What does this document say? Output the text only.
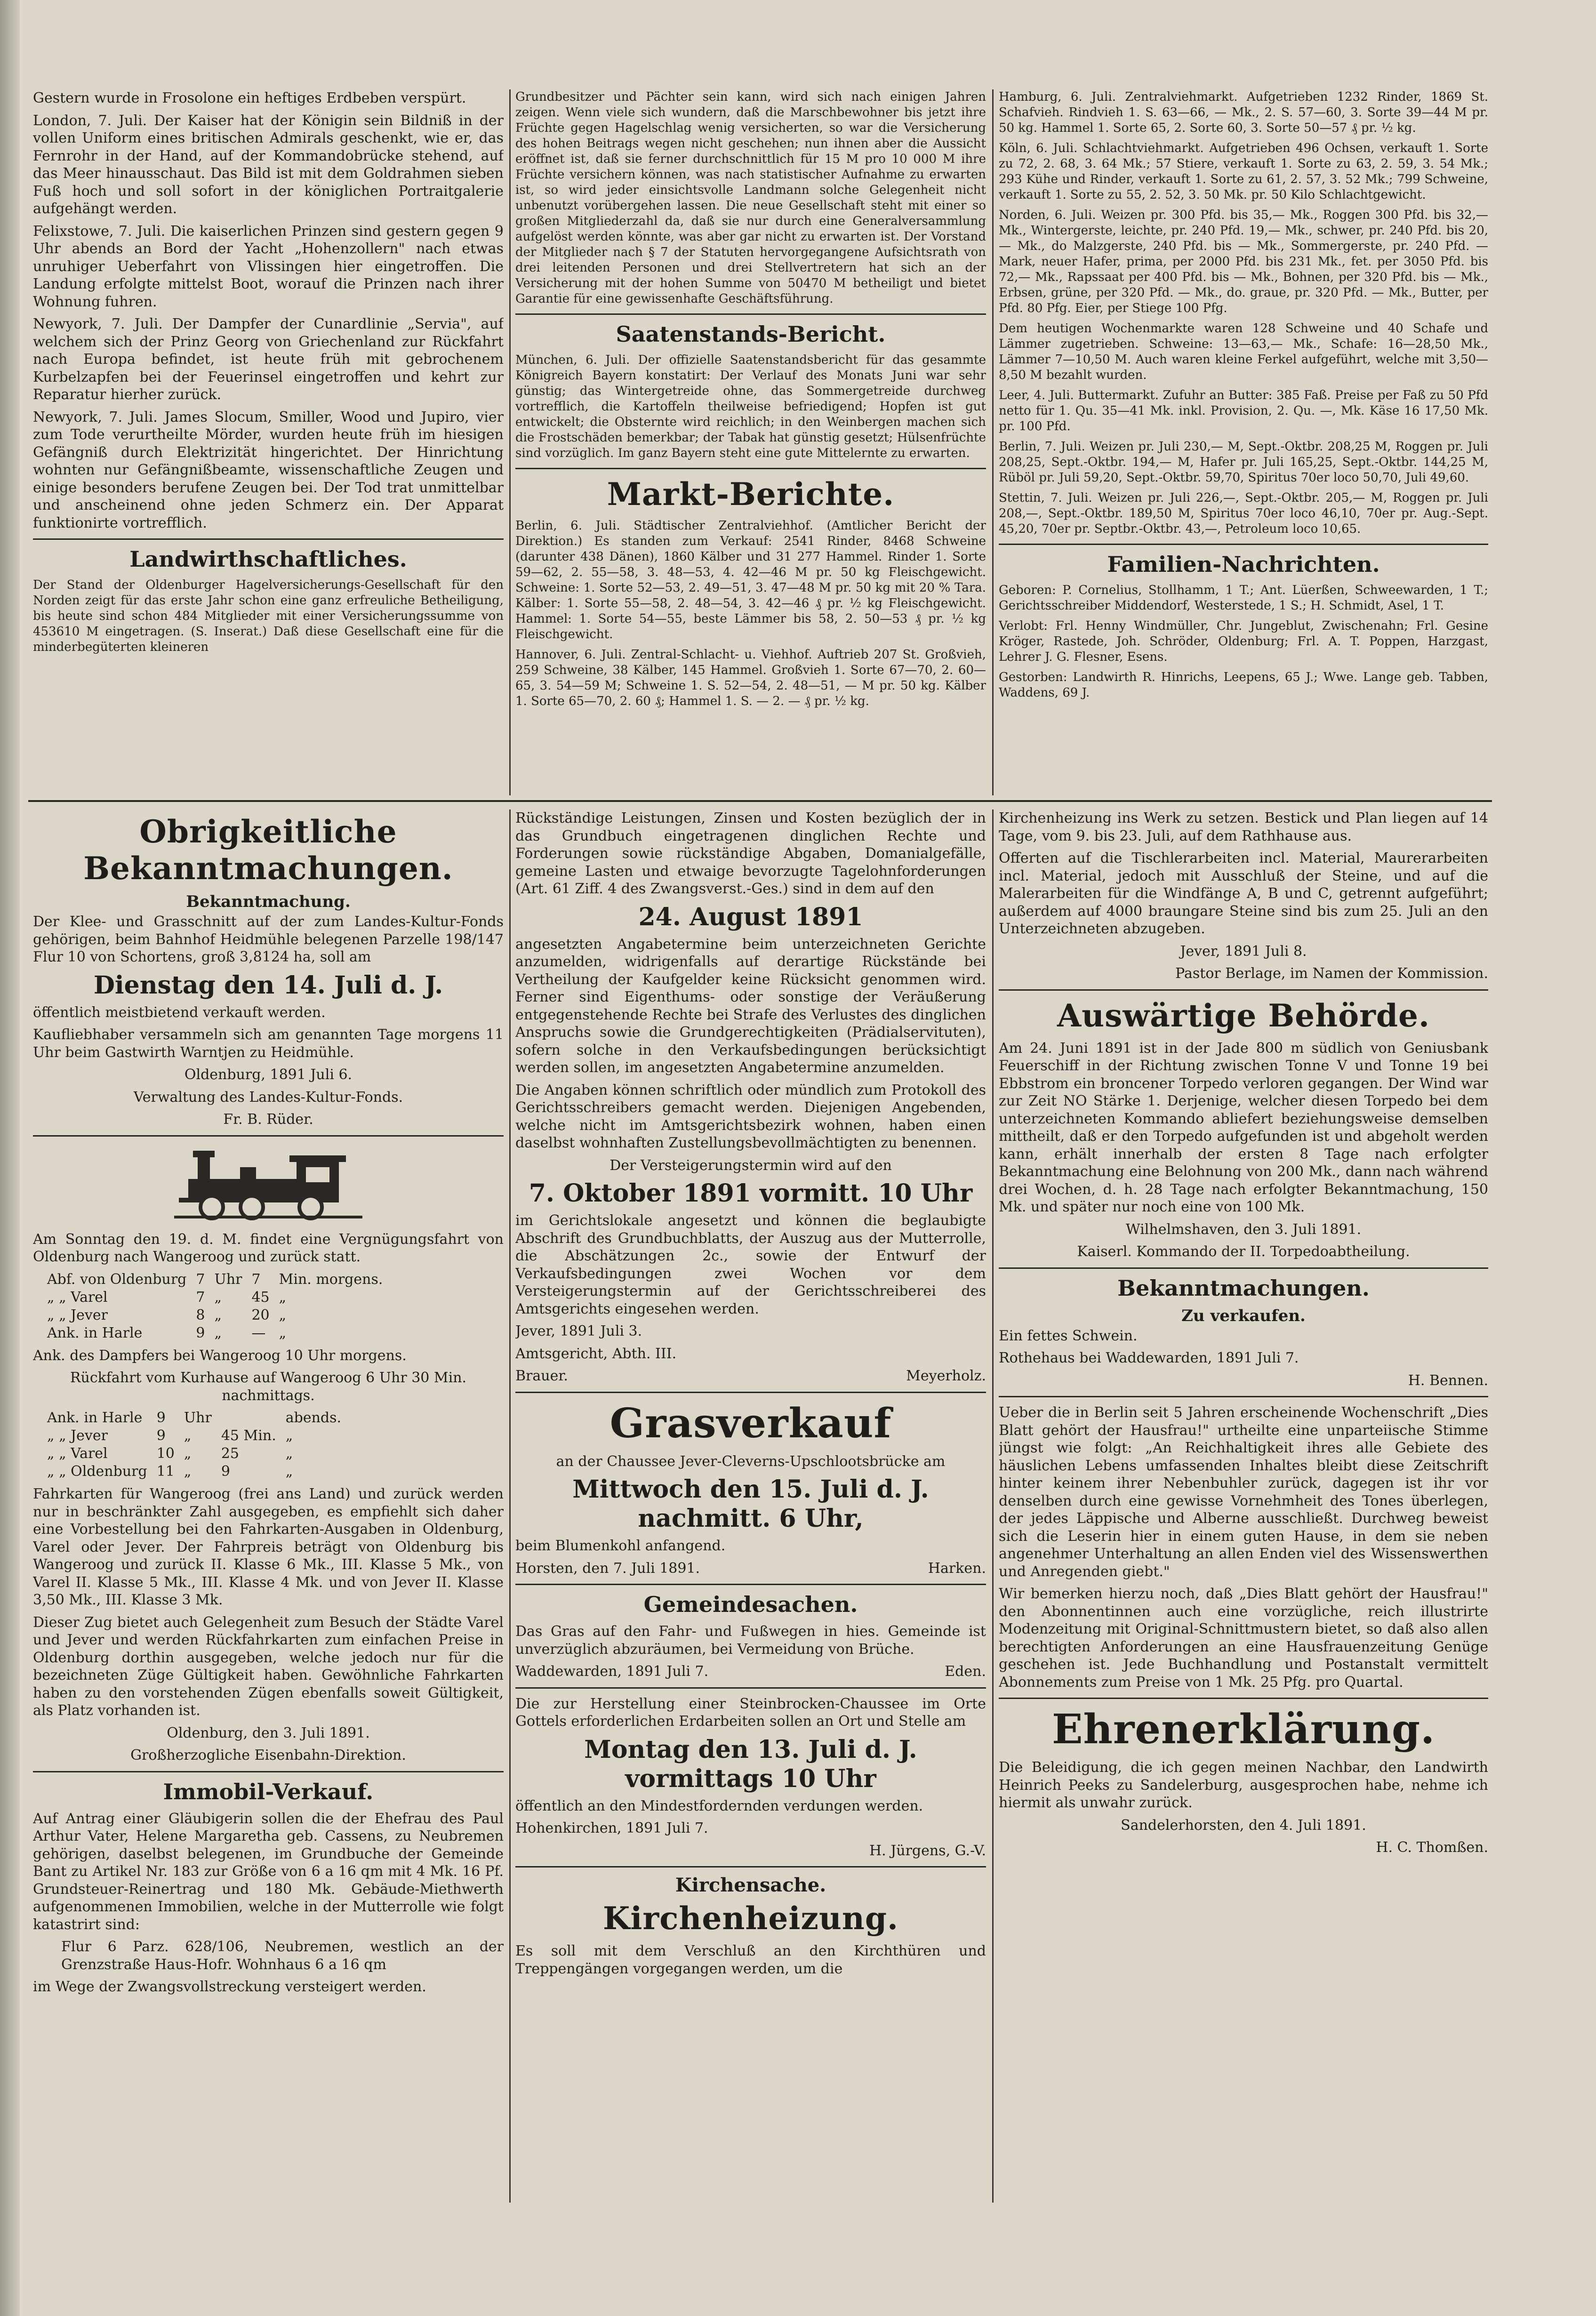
Gestern wurde in Frosolone ein heftiges Erdbeben verspürt.

London, 7. Juli. Der Kaiser hat der Königin sein Bildniß in der vollen Uniform eines britischen Admirals geschenkt, wie er, das Fernrohr in der Hand, auf der Kommandobrücke stehend, auf das Meer hinausschaut. Das Bild ist mit dem Goldrahmen sieben Fuß hoch und soll sofort in der königlichen Portraitgalerie aufgehängt werden.

Felixstowe, 7. Juli. Die kaiserlichen Prinzen sind gestern gegen 9 Uhr abends an Bord der Yacht „Hohenzollern" nach etwas unruhiger Ueberfahrt von Vlissingen hier eingetroffen. Die Landung erfolgte mittelst Boot, worauf die Prinzen nach ihrer Wohnung fuhren.

Newyork, 7. Juli. Der Dampfer der Cunardlinie „Servia", auf welchem sich der Prinz Georg von Griechenland zur Rückfahrt nach Europa befindet, ist heute früh mit gebrochenem Kurbelzapfen bei der Feuerinsel eingetroffen und kehrt zur Reparatur hierher zurück.

Newyork, 7. Juli. James Slocum, Smiller, Wood und Jupiro, vier zum Tode verurtheilte Mörder, wurden heute früh im hiesigen Gefängniß durch Elektrizität hingerichtet. Der Hinrichtung wohnten nur Gefängnißbeamte, wissenschaftliche Zeugen und einige besonders berufene Zeugen bei. Der Tod trat unmittelbar und anscheinend ohne jeden Schmerz ein. Der Apparat funktionirte vortrefflich.

Landwirthschaftliches.

Der Stand der Oldenburger Hagelversicherungs-Gesellschaft für den Norden zeigt für das erste Jahr schon eine ganz erfreuliche Betheiligung, bis heute sind schon 484 Mitglieder mit einer Versicherungssumme von 453610 M eingetragen. (S. Inserat.) Daß diese Gesellschaft eine für die minderbegüterten kleineren

Grundbesitzer und Pächter sein kann, wird sich nach einigen Jahren zeigen. Wenn viele sich wundern, daß die Marschbewohner bis jetzt ihre Früchte gegen Hagelschlag wenig versicherten, so war die Versicherung des hohen Beitrags wegen nicht geschehen; nun ihnen aber die Aussicht eröffnet ist, daß sie ferner durchschnittlich für 15 M pro 10 000 M ihre Früchte versichern können, was nach statistischer Aufnahme zu erwarten ist, so wird jeder einsichtsvolle Landmann solche Gelegenheit nicht unbenutzt vorübergehen lassen. Die neue Gesellschaft steht mit einer so großen Mitgliederzahl da, daß sie nur durch eine Generalversammlung aufgelöst werden könnte, was aber gar nicht zu erwarten ist. Der Vorstand der Mitglieder nach § 7 der Statuten hervorgegangene Aufsichtsrath von drei leitenden Personen und drei Stellvertretern hat sich an der Versicherung mit der hohen Summe von 50470 M betheiligt und bietet Garantie für eine gewissenhafte Geschäftsführung.

Saatenstands-Bericht.

München, 6. Juli. Der offizielle Saatenstandsbericht für das gesammte Königreich Bayern konstatirt: Der Verlauf des Monats Juni war sehr günstig; das Wintergetreide ohne, das Sommergetreide durchweg vortrefflich, die Kartoffeln theilweise befriedigend; Hopfen ist gut entwickelt; die Obsternte wird reichlich; in den Weinbergen machen sich die Frostschäden bemerkbar; der Tabak hat günstig gesetzt; Hülsenfrüchte sind vorzüglich. Im ganz Bayern steht eine gute Mittelernte zu erwarten.

Markt-Berichte.

Berlin, 6. Juli. Städtischer Zentralviehhof. (Amtlicher Bericht der Direktion.) Es standen zum Verkauf: 2541 Rinder, 8468 Schweine (darunter 438 Dänen), 1860 Kälber und 31 277 Hammel. Rinder 1. Sorte 59—62, 2. 55—58, 3. 48—53, 4. 42—46 M pr. 50 kg Fleischgewicht. Schweine: 1. Sorte 52—53, 2. 49—51, 3. 47—48 M pr. 50 kg mit 20 % Tara. Kälber: 1. Sorte 55—58, 2. 48—54, 3. 42—46 ₰ pr. ½ kg Fleischgewicht. Hammel: 1. Sorte 54—55, beste Lämmer bis 58, 2. 50—53 ₰ pr. ½ kg Fleischgewicht.

Hannover, 6. Juli. Zentral-Schlacht- u. Viehhof. Auftrieb 207 St. Großvieh, 259 Schweine, 38 Kälber, 145 Hammel. Großvieh 1. Sorte 67—70, 2. 60—65, 3. 54—59 M; Schweine 1. S. 52—54, 2. 48—51, — M pr. 50 kg. Kälber 1. Sorte 65—70, 2. 60 ₰; Hammel 1. S. — 2. — ₰ pr. ½ kg.

Hamburg, 6. Juli. Zentralviehmarkt. Aufgetrieben 1232 Rinder, 1869 St. Schafvieh. Rindvieh 1. S. 63—66, — Mk., 2. S. 57—60, 3. Sorte 39—44 M pr. 50 kg. Hammel 1. Sorte 65, 2. Sorte 60, 3. Sorte 50—57 ₰ pr. ½ kg.

Köln, 6. Juli. Schlachtviehmarkt. Aufgetrieben 496 Ochsen, verkauft 1. Sorte zu 72, 2. 68, 3. 64 Mk.; 57 Stiere, verkauft 1. Sorte zu 63, 2. 59, 3. 54 Mk.; 293 Kühe und Rinder, verkauft 1. Sorte zu 61, 2. 57, 3. 52 Mk.; 799 Schweine, verkauft 1. Sorte zu 55, 2. 52, 3. 50 Mk. pr. 50 Kilo Schlachtgewicht.

Norden, 6. Juli. Weizen pr. 300 Pfd. bis 35,— Mk., Roggen 300 Pfd. bis 32,— Mk., Wintergerste, leichte, pr. 240 Pfd. 19,— Mk., schwer, pr. 240 Pfd. bis 20,— Mk., do Malzgerste, 240 Pfd. bis — Mk., Sommergerste, pr. 240 Pfd. — Mark, neuer Hafer, prima, per 2000 Pfd. bis 231 Mk., fet. per 3050 Pfd. bis 72,— Mk., Rapssaat per 400 Pfd. bis — Mk., Bohnen, per 320 Pfd. bis — Mk., Erbsen, grüne, per 320 Pfd. — Mk., do. graue, pr. 320 Pfd. — Mk., Butter, per Pfd. 80 Pfg. Eier, per Stiege 100 Pfg.

Dem heutigen Wochenmarkte waren 128 Schweine und 40 Schafe und Lämmer zugetrieben. Schweine: 13—63,— Mk., Schafe: 16—28,50 Mk., Lämmer 7—10,50 M. Auch waren kleine Ferkel aufgeführt, welche mit 3,50—8,50 M bezahlt wurden.

Leer, 4. Juli. Buttermarkt. Zufuhr an Butter: 385 Faß. Preise per Faß zu 50 Pfd netto für 1. Qu. 35—41 Mk. inkl. Provision, 2. Qu. —, Mk. Käse 16 17,50 Mk. pr. 100 Pfd.

Berlin, 7. Juli. Weizen pr. Juli 230,— M, Sept.-Oktbr. 208,25 M, Roggen pr. Juli 208,25, Sept.-Oktbr. 194,— M, Hafer pr. Juli 165,25, Sept.-Oktbr. 144,25 M, Rüböl pr. Juli 59,20, Sept.-Oktbr. 59,70, Spiritus 70er loco 50,70, Juli 49,60.

Stettin, 7. Juli. Weizen pr. Juli 226,—, Sept.-Oktbr. 205,— M, Roggen pr. Juli 208,—, Sept.-Oktbr. 189,50 M, Spiritus 70er loco 46,10, 70er pr. Aug.-Sept. 45,20, 70er pr. Septbr.-Oktbr. 43,—, Petroleum loco 10,65.

Familien-Nachrichten.

Geboren: P. Cornelius, Stollhamm, 1 T.; Ant. Lüerßen, Schweewarden, 1 T.; Gerichtsschreiber Middendorf, Westerstede, 1 S.; H. Schmidt, Asel, 1 T.

Verlobt: Frl. Henny Windmüller, Chr. Jungeblut, Zwischenahn; Frl. Gesine Kröger, Rastede, Joh. Schröder, Oldenburg; Frl. A. T. Poppen, Harzgast, Lehrer J. G. Flesner, Esens.

Gestorben: Landwirth R. Hinrichs, Leepens, 65 J.; Wwe. Lange geb. Tabben, Waddens, 69 J.

Obrigkeitliche Bekanntmachungen.
Bekanntmachung.

Der Klee- und Grasschnitt auf der zum Landes-Kultur-Fonds gehörigen, beim Bahnhof Heidmühle belegenen Parzelle 198/147 Flur 10 von Schortens, groß 3,8124 ha, soll am

Dienstag den 14. Juli d. J.

öffentlich meistbietend verkauft werden.

Kaufliebhaber versammeln sich am genannten Tage morgens 11 Uhr beim Gastwirth Warntjen zu Heidmühle.

Oldenburg, 1891 Juli 6.

Verwaltung des Landes-Kultur-Fonds.

Fr. B. Rüder.

Am Sonntag den 19. d. M. findet eine Vergnügungsfahrt von Oldenburg nach Wangeroog und zurück statt.

Abf. von Oldenburg	7	Uhr	7	Min. morgens.
„ „ Varel	7	„	45	„
„ „ Jever	8	„	20	„
Ank. in Harle	9	„	—	„

Ank. des Dampfers bei Wangeroog 10 Uhr morgens.

Rückfahrt vom Kurhause auf Wangeroog 6 Uhr 30 Min. nachmittags.

Ank. in Harle	9	Uhr		abends.
„ „ Jever	9	„	45 Min.	„
„ „ Varel	10	„	25	„
„ „ Oldenburg	11	„	9	„

Fahrkarten für Wangeroog (frei ans Land) und zurück werden nur in beschränkter Zahl ausgegeben, es empfiehlt sich daher eine Vorbestellung bei den Fahrkarten-Ausgaben in Oldenburg, Varel oder Jever. Der Fahrpreis beträgt von Oldenburg bis Wangeroog und zurück II. Klasse 6 Mk., III. Klasse 5 Mk., von Varel II. Klasse 5 Mk., III. Klasse 4 Mk. und von Jever II. Klasse 3,50 Mk., III. Klasse 3 Mk.

Dieser Zug bietet auch Gelegenheit zum Besuch der Städte Varel und Jever und werden Rückfahrkarten zum einfachen Preise in Oldenburg dorthin ausgegeben, welche jedoch nur für die bezeichneten Züge Gültigkeit haben. Gewöhnliche Fahrkarten haben zu den vorstehenden Zügen ebenfalls soweit Gültigkeit, als Platz vorhanden ist.

Oldenburg, den 3. Juli 1891.

Großherzogliche Eisenbahn-Direktion.

Immobil-Verkauf.

Auf Antrag einer Gläubigerin sollen die der Ehefrau des Paul Arthur Vater, Helene Margaretha geb. Cassens, zu Neubremen gehörigen, daselbst belegenen, im Grundbuche der Gemeinde Bant zu Artikel Nr. 183 zur Größe von 6 a 16 qm mit 4 Mk. 16 Pf. Grundsteuer-Reinertrag und 180 Mk. Gebäude-Miethwerth aufgenommenen Immobilien, welche in der Mutterrolle wie folgt katastrirt sind:

Flur 6 Parz. 628/106, Neubremen, westlich an der Grenzstraße Haus-Hofr. Wohnhaus 6 a 16 qm

im Wege der Zwangsvollstreckung versteigert werden.

Rückständige Leistungen, Zinsen und Kosten bezüglich der in das Grundbuch eingetragenen dinglichen Rechte und Forderungen sowie rückständige Abgaben, Domanialgefälle, gemeine Lasten und etwaige bevorzugte Tagelohnforderungen (Art. 61 Ziff. 4 des Zwangsverst.-Ges.) sind in dem auf den

24. August 1891

angesetzten Angabetermine beim unterzeichneten Gerichte anzumelden, widrigenfalls auf derartige Rückstände bei Vertheilung der Kaufgelder keine Rücksicht genommen wird. Ferner sind Eigenthums- oder sonstige der Veräußerung entgegenstehende Rechte bei Strafe des Verlustes des dinglichen Anspruchs sowie die Grundgerechtigkeiten (Prädialservituten), sofern solche in den Verkaufsbedingungen berücksichtigt werden sollen, im angesetzten Angabetermine anzumelden.

Die Angaben können schriftlich oder mündlich zum Protokoll des Gerichtsschreibers gemacht werden. Diejenigen Angebenden, welche nicht im Amtsgerichtsbezirk wohnen, haben einen daselbst wohnhaften Zustellungsbevollmächtigten zu benennen.

Der Versteigerungstermin wird auf den

7. Oktober 1891 vormitt. 10 Uhr

im Gerichtslokale angesetzt und können die beglaubigte Abschrift des Grundbuchblatts, der Auszug aus der Mutterrolle, die Abschätzungen 2c., sowie der Entwurf der Verkaufsbedingungen zwei Wochen vor dem Versteigerungstermin auf der Gerichtsschreiberei des Amtsgerichts eingesehen werden.

Jever, 1891 Juli 3.

Amtsgericht, Abth. III.

Brauer.	Meyerholz.

Grasverkauf

an der Chaussee Jever-Cleverns-Upschlootsbrücke am

Mittwoch den 15. Juli d. J. nachmitt. 6 Uhr,

beim Blumenkohl anfangend.

Horsten, den 7. Juli 1891.	Harken.

Gemeindesachen.

Das Gras auf den Fahr- und Fußwegen in hies. Gemeinde ist unverzüglich abzuräumen, bei Vermeidung von Brüche.

Waddewarden, 1891 Juli 7.	Eden.

Die zur Herstellung einer Steinbrocken-Chaussee im Orte Gottels erforderlichen Erdarbeiten sollen an Ort und Stelle am

Montag den 13. Juli d. J. vormittags 10 Uhr

öffentlich an den Mindestfordernden verdungen werden.

Hohenkirchen, 1891 Juli 7.

H. Jürgens, G.-V.

Kirchensache.
Kirchenheizung.

Es soll mit dem Verschluß an den Kirchthüren und Treppengängen vorgegangen werden, um die

Kirchenheizung ins Werk zu setzen. Bestick und Plan liegen auf 14 Tage, vom 9. bis 23. Juli, auf dem Rathhause aus.

Offerten auf die Tischlerarbeiten incl. Material, Maurerarbeiten incl. Material, jedoch mit Ausschluß der Steine, und auf die Malerarbeiten für die Windfänge A, B und C, getrennt aufgeführt; außerdem auf 4000 braungare Steine sind bis zum 25. Juli an den Unterzeichneten abzugeben.

Jever, 1891 Juli 8.

Pastor Berlage, im Namen der Kommission.

Auswärtige Behörde.

Am 24. Juni 1891 ist in der Jade 800 m südlich von Geniusbank Feuerschiff in der Richtung zwischen Tonne V und Tonne 19 bei Ebbstrom ein broncener Torpedo verloren gegangen. Der Wind war zur Zeit NO Stärke 1. Derjenige, welcher diesen Torpedo bei dem unterzeichneten Kommando abliefert beziehungsweise demselben mittheilt, daß er den Torpedo aufgefunden ist und abgeholt werden kann, erhält innerhalb der ersten 8 Tage nach erfolgter Bekanntmachung eine Belohnung von 200 Mk., dann nach während drei Wochen, d. h. 28 Tage nach erfolgter Bekanntmachung, 150 Mk. und später nur noch eine von 100 Mk.

Wilhelmshaven, den 3. Juli 1891.

Kaiserl. Kommando der II. Torpedoabtheilung.

Bekanntmachungen.
Zu verkaufen.

Ein fettes Schwein.

Rothehaus bei Waddewarden, 1891 Juli 7.

H. Bennen.

Ueber die in Berlin seit 5 Jahren erscheinende Wochenschrift „Dies Blatt gehört der Hausfrau!" urtheilte eine unparteiische Stimme jüngst wie folgt: „An Reichhaltigkeit ihres alle Gebiete des häuslichen Lebens umfassenden Inhaltes bleibt diese Zeitschrift hinter keinem ihrer Nebenbuhler zurück, dagegen ist ihr vor denselben durch eine gewisse Vornehmheit des Tones überlegen, der jedes Läppische und Alberne ausschließt. Durchweg beweist sich die Leserin hier in einem guten Hause, in dem sie neben angenehmer Unterhaltung an allen Enden viel des Wissenswerthen und Anregenden giebt."

Wir bemerken hierzu noch, daß „Dies Blatt gehört der Hausfrau!" den Abonnentinnen auch eine vorzügliche, reich illustrirte Modenzeitung mit Original-Schnittmustern bietet, so daß also allen berechtigten Anforderungen an eine Hausfrauenzeitung Genüge geschehen ist. Jede Buchhandlung und Postanstalt vermittelt Abonnements zum Preise von 1 Mk. 25 Pfg. pro Quartal.

Ehrenerklärung.

Die Beleidigung, die ich gegen meinen Nachbar, den Landwirth Heinrich Peeks zu Sandelerburg, ausgesprochen habe, nehme ich hiermit als unwahr zurück.

Sandelerhorsten, den 4. Juli 1891.

H. C. Thomßen.
